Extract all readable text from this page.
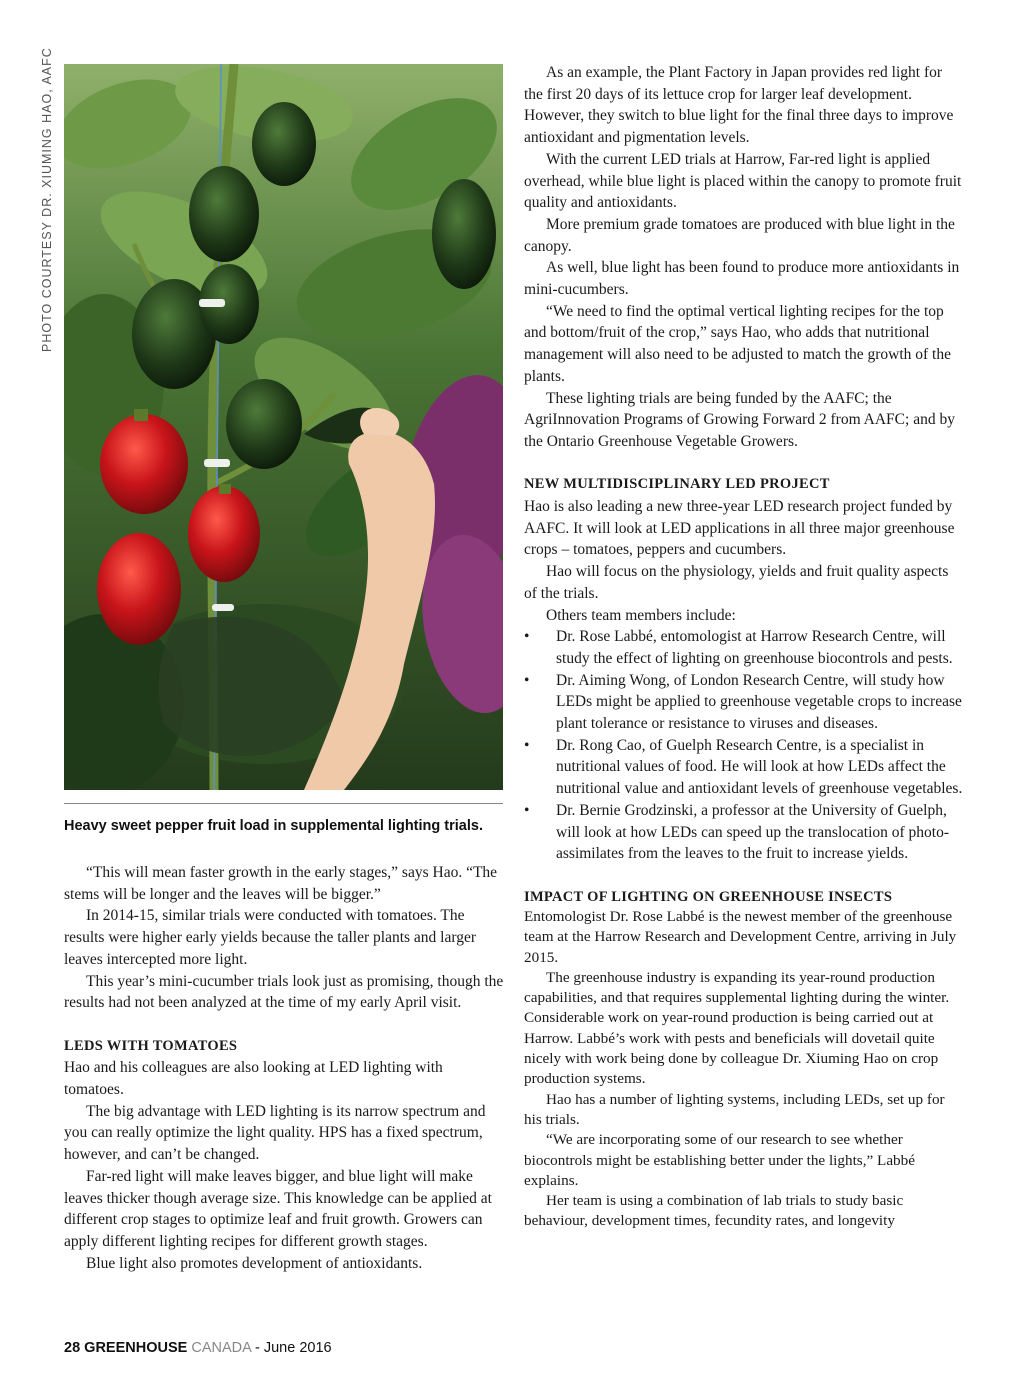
PHOTO COURTESY DR. XIUMING HAO, AAFC
Heavy sweet pepper fruit load in supplemental lighting trials.

“This will mean faster growth in the early stages,” says Hao. “The stems will be longer and the leaves will be bigger.”

In 2014-15, similar trials were conducted with tomatoes. The results were higher early yields because the taller plants and larger leaves intercepted more light.

This year’s mini-cucumber trials look just as promising, though the results had not been analyzed at the time of my early April visit.

LEDS WITH TOMATOES

Hao and his colleagues are also looking at LED lighting with tomatoes.

The big advantage with LED lighting is its narrow spectrum and you can really optimize the light quality. HPS has a fixed spectrum, however, and can’t be changed.

Far-red light will make leaves bigger, and blue light will make leaves thicker though average size. This knowledge can be applied at different crop stages to optimize leaf and fruit growth. Growers can apply different lighting recipes for different growth stages.

Blue light also promotes development of antioxidants.

As an example, the Plant Factory in Japan provides red light for the first 20 days of its lettuce crop for larger leaf development. However, they switch to blue light for the final three days to improve antioxidant and pigmentation levels.

With the current LED trials at Harrow, Far-red light is applied overhead, while blue light is placed within the canopy to promote fruit quality and antioxidants.

More premium grade tomatoes are produced with blue light in the canopy.

As well, blue light has been found to produce more antioxidants in mini-cucumbers.

“We need to find the optimal vertical lighting recipes for the top and bottom/fruit of the crop,” says Hao, who adds that nutritional management will also need to be adjusted to match the growth of the plants.

These lighting trials are being funded by the AAFC; the AgriInnovation Programs of Growing Forward 2 from AAFC; and by the Ontario Greenhouse Vegetable Growers.

NEW MULTIDISCIPLINARY LED PROJECT

Hao is also leading a new three-year LED research project funded by AAFC. It will look at LED applications in all three major greenhouse crops – tomatoes, peppers and cucumbers.

Hao will focus on the physiology, yields and fruit quality aspects of the trials.

Others team members include:

• Dr. Rose Labbé, entomologist at Harrow Research Centre, will study the effect of lighting on greenhouse biocontrols and pests.
• Dr. Aiming Wong, of London Research Centre, will study how LEDs might be applied to greenhouse vegetable crops to increase plant tolerance or resistance to viruses and diseases.
• Dr. Rong Cao, of Guelph Research Centre, is a specialist in nutritional values of food. He will look at how LEDs affect the nutritional value and antioxidant levels of greenhouse vegetables.
• Dr. Bernie Grodzinski, a professor at the University of Guelph, will look at how LEDs can speed up the translocation of photo-assimilates from the leaves to the fruit to increase yields.
IMPACT OF LIGHTING ON GREENHOUSE INSECTS

Entomologist Dr. Rose Labbé is the newest member of the greenhouse team at the Harrow Research and Development Centre, arriving in July 2015.

The greenhouse industry is expanding its year-round production capabilities, and that requires supplemental lighting during the winter. Considerable work on year-round production is being carried out at Harrow. Labbé’s work with pests and beneficials will dovetail quite nicely with work being done by colleague Dr. Xiuming Hao on crop production systems.

Hao has a number of lighting systems, including LEDs, set up for his trials.

“We are incorporating some of our research to see whether biocontrols might be establishing better under the lights,” Labbé explains.

Her team is using a combination of lab trials to study basic behaviour, development times, fecundity rates, and longevity

28 GREENHOUSE CANADA - June 2016
